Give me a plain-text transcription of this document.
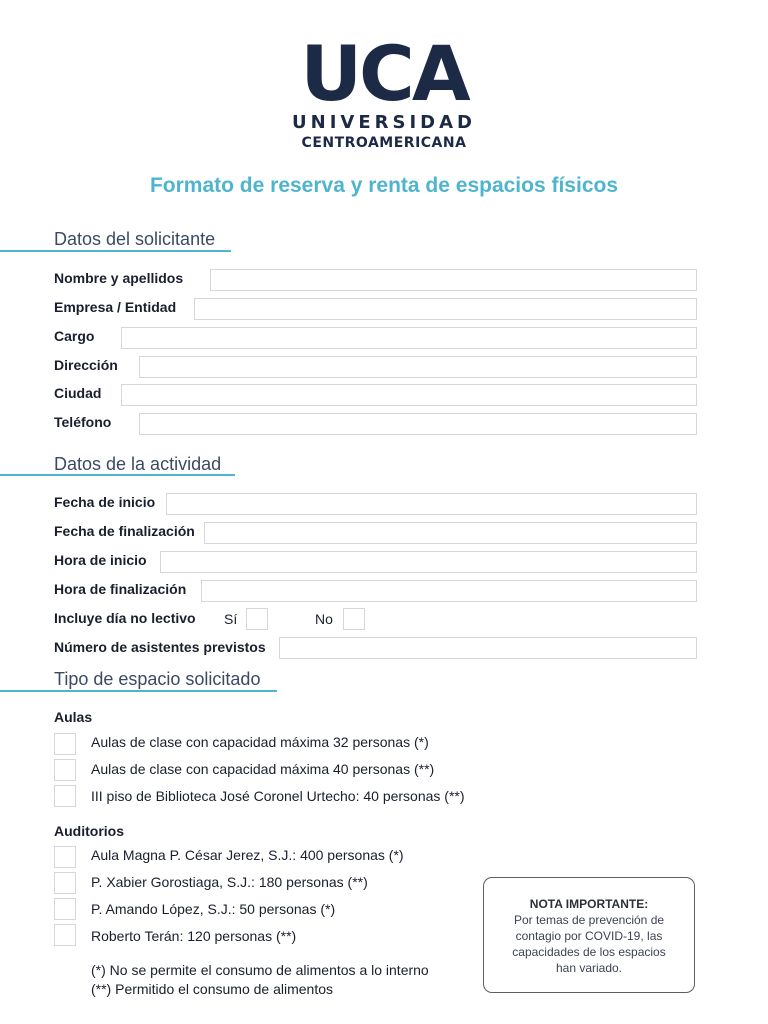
UCA
UNIVERSIDAD
CENTROAMERICANA
Formato de reserva y renta de espacios físicos
Datos del solicitante
Nombre y apellidos
Empresa / Entidad
Cargo
Dirección
Ciudad
Teléfono
Datos de la actividad
Fecha de inicio
Fecha de finalización
Hora de inicio
Hora de finalización
Incluye día no lectivo Sí	No
Número de asistentes previstos
Tipo de espacio solicitado
Aulas
Aulas de clase con capacidad máxima 32 personas (*)
Aulas de clase con capacidad máxima 40 personas (**)
III piso de Biblioteca José Coronel Urtecho: 40 personas (**)
Auditorios
Aula Magna P. César Jerez, S.J.: 400 personas (*)
P. Xabier Gorostiaga, S.J.: 180 personas (**)
P. Amando López, S.J.: 50 personas (*)
Roberto Terán: 120 personas (**)
(*) No se permite el consumo de alimentos a lo interno
(**) Permitido el consumo de alimentos
NOTA IMPORTANTE:
Por temas de prevención de contagio por COVID-19, las capacidades de los espacios han variado.
